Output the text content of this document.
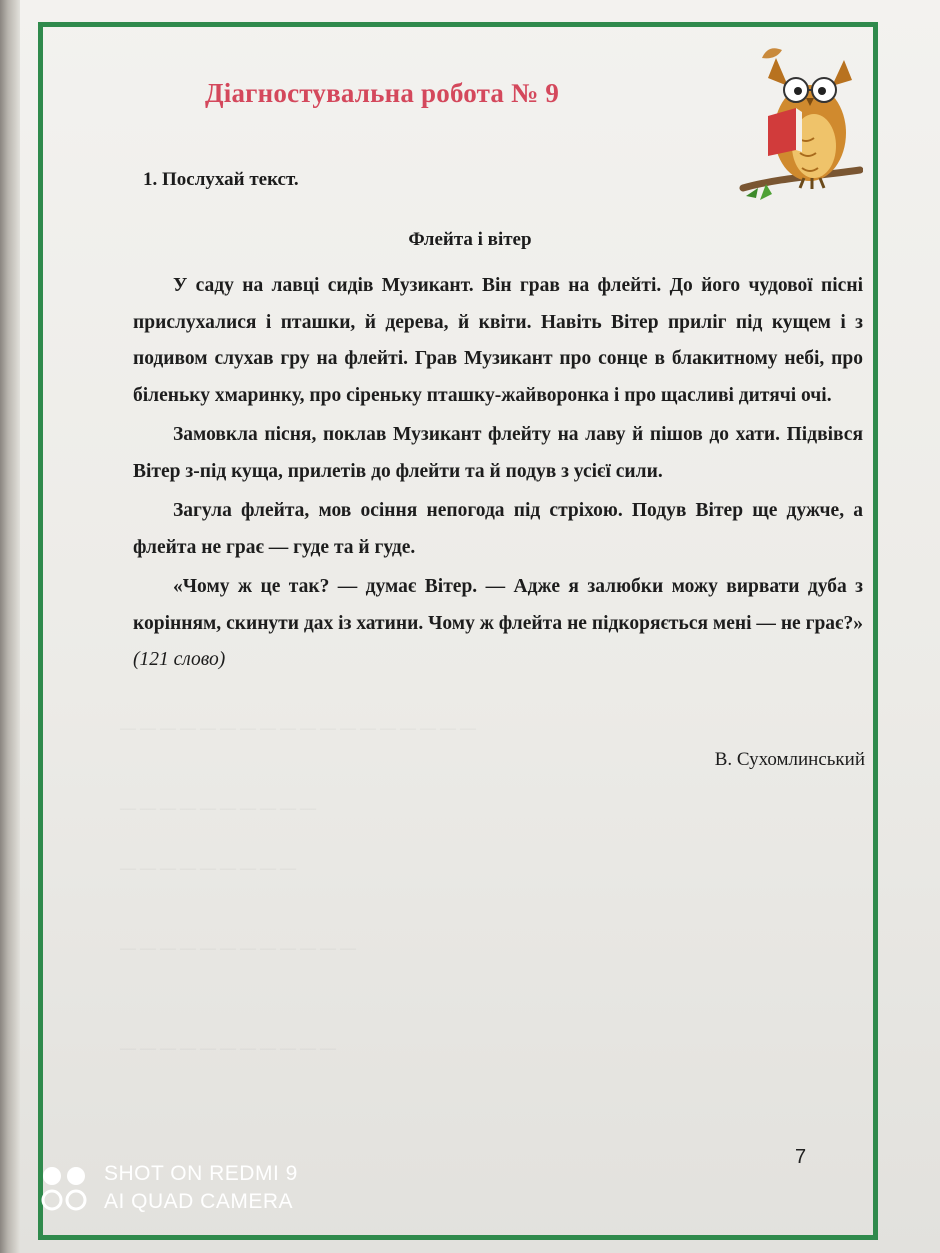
— — — — — — — — — — — — — — — — — —
— — — — — — — — — —
— — — — — — — — —
— — — — — — — — — — — —
— — — — — — — — — — —
Діагностувальна робота № 9
1. Послухай текст.
Флейта і вітер

У саду на лавці сидів Музикант. Він грав на флейті. До його чудової пісні прислухалися і пташки, й дерева, й квіти. Навіть Вітер приліг під кущем і з подивом слухав гру на флейті. Грав Музикант про сонце в блакитному небі, про біленьку хмаринку, про сіреньку пташку-жайворонка і про щасливі дитячі очі.

Замовкла пісня, поклав Музикант флейту на лаву й пішов до хати. Підвівся Вітер з-під куща, прилетів до флейти та й подув з усієї сили.

Загула флейта, мов осіння непогода під стріхою. Подув Вітер ще дужче, а флейта не грає — гуде та й гуде.

«Чому ж це так? — думає Вітер. — Адже я залюбки можу вирвати дуба з корінням, скинути дах із хатини. Чому ж флейта не підкоряється мені — не грає?» (121 слово)

В. Сухомлинський
7
SHOT ON REDMI 9
AI QUAD CAMERA
